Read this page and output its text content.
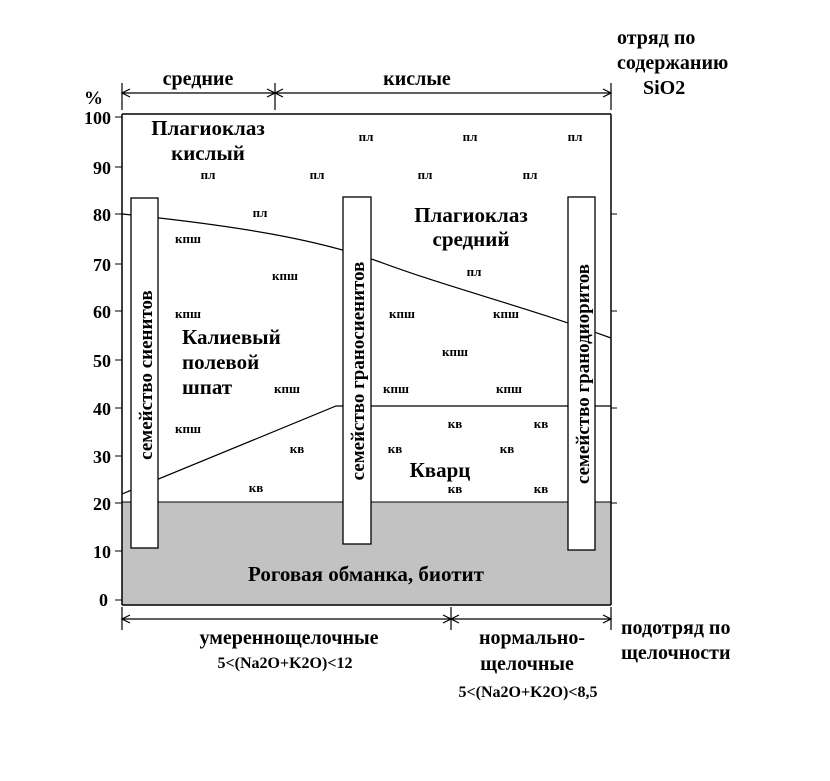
100
90
80
70
60
50
40
30
20
10
0
%
средние	кислые
отряд по
содержанию
SiO2
Плагиоклаз
кислый
Плагиоклаз
средний
Калиевый
полевой
шпат
Кварц
Роговая обманка, биотит
пл	пл	пл
пл	пл	пл	пл
пл
пл
кпш
кпш
кпш	кпш	кпш
кпш
кпш	кпш	кпш
кпш	кв	кв
кв	кв	кв
кв	кв	кв
семейство сиенитов	семейство граносиенитов	семейство гранодиоритов
умереннощелочные
5<(Na2O+K2O)<12
нормально-
щелочные
5<(Na2O+K2O)<8,5
подотряд по
щелочности
